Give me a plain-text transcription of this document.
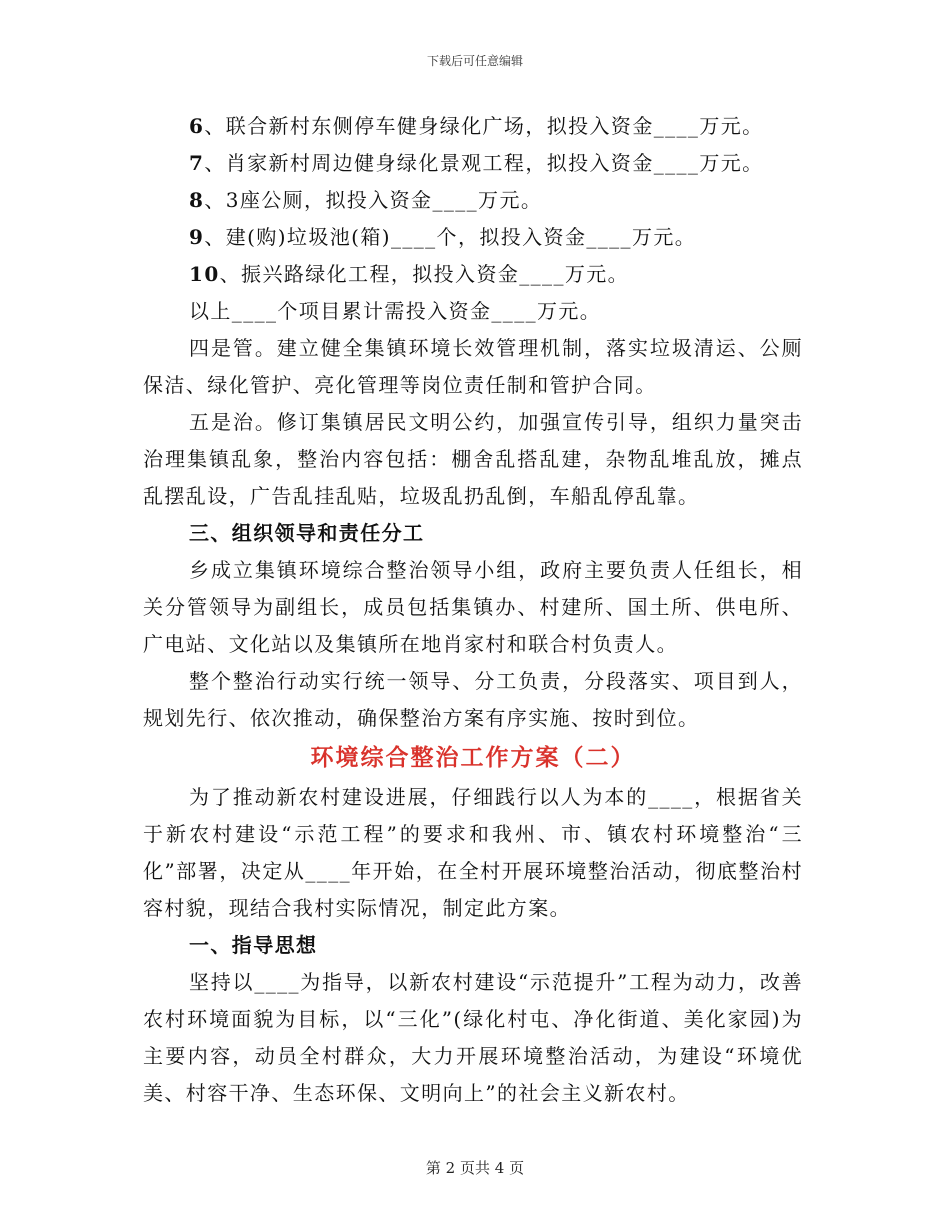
下载后可任意编辑

6、联合新村东侧停车健身绿化广场，拟投入资金____万元。

7、肖家新村周边健身绿化景观工程，拟投入资金____万元。

8、3座公厕，拟投入资金____万元。

9、建(购)垃圾池(箱)____个，拟投入资金____万元。

10、振兴路绿化工程，拟投入资金____万元。

以上____个项目累计需投入资金____万元。

四是管。建立健全集镇环境长效管理机制，落实垃圾清运、公厕保洁、绿化管护、亮化管理等岗位责任制和管护合同。

五是治。修订集镇居民文明公约，加强宣传引导，组织力量突击治理集镇乱象，整治内容包括：棚舍乱搭乱建，杂物乱堆乱放，摊点乱摆乱设，广告乱挂乱贴，垃圾乱扔乱倒，车船乱停乱靠。

三、组织领导和责任分工

乡成立集镇环境综合整治领导小组，政府主要负责人任组长，相关分管领导为副组长，成员包括集镇办、村建所、国土所、供电所、广电站、文化站以及集镇所在地肖家村和联合村负责人。

整个整治行动实行统一领导、分工负责，分段落实、项目到人，规划先行、依次推动，确保整治方案有序实施、按时到位。

环境综合整治工作方案（二）

为了推动新农村建设进展，仔细践行以人为本的____，根据省关于新农村建设“示范工程”的要求和我州、市、镇农村环境整治“三化”部署，决定从____年开始，在全村开展环境整治活动，彻底整治村容村貌，现结合我村实际情况，制定此方案。

一、指导思想

坚持以____为指导，以新农村建设“示范提升”工程为动力，改善农村环境面貌为目标，以“三化”(绿化村屯、净化街道、美化家园)为主要内容，动员全村群众，大力开展环境整治活动，为建设“环境优美、村容干净、生态环保、文明向上”的社会主义新农村。

第 2 页共 4 页
